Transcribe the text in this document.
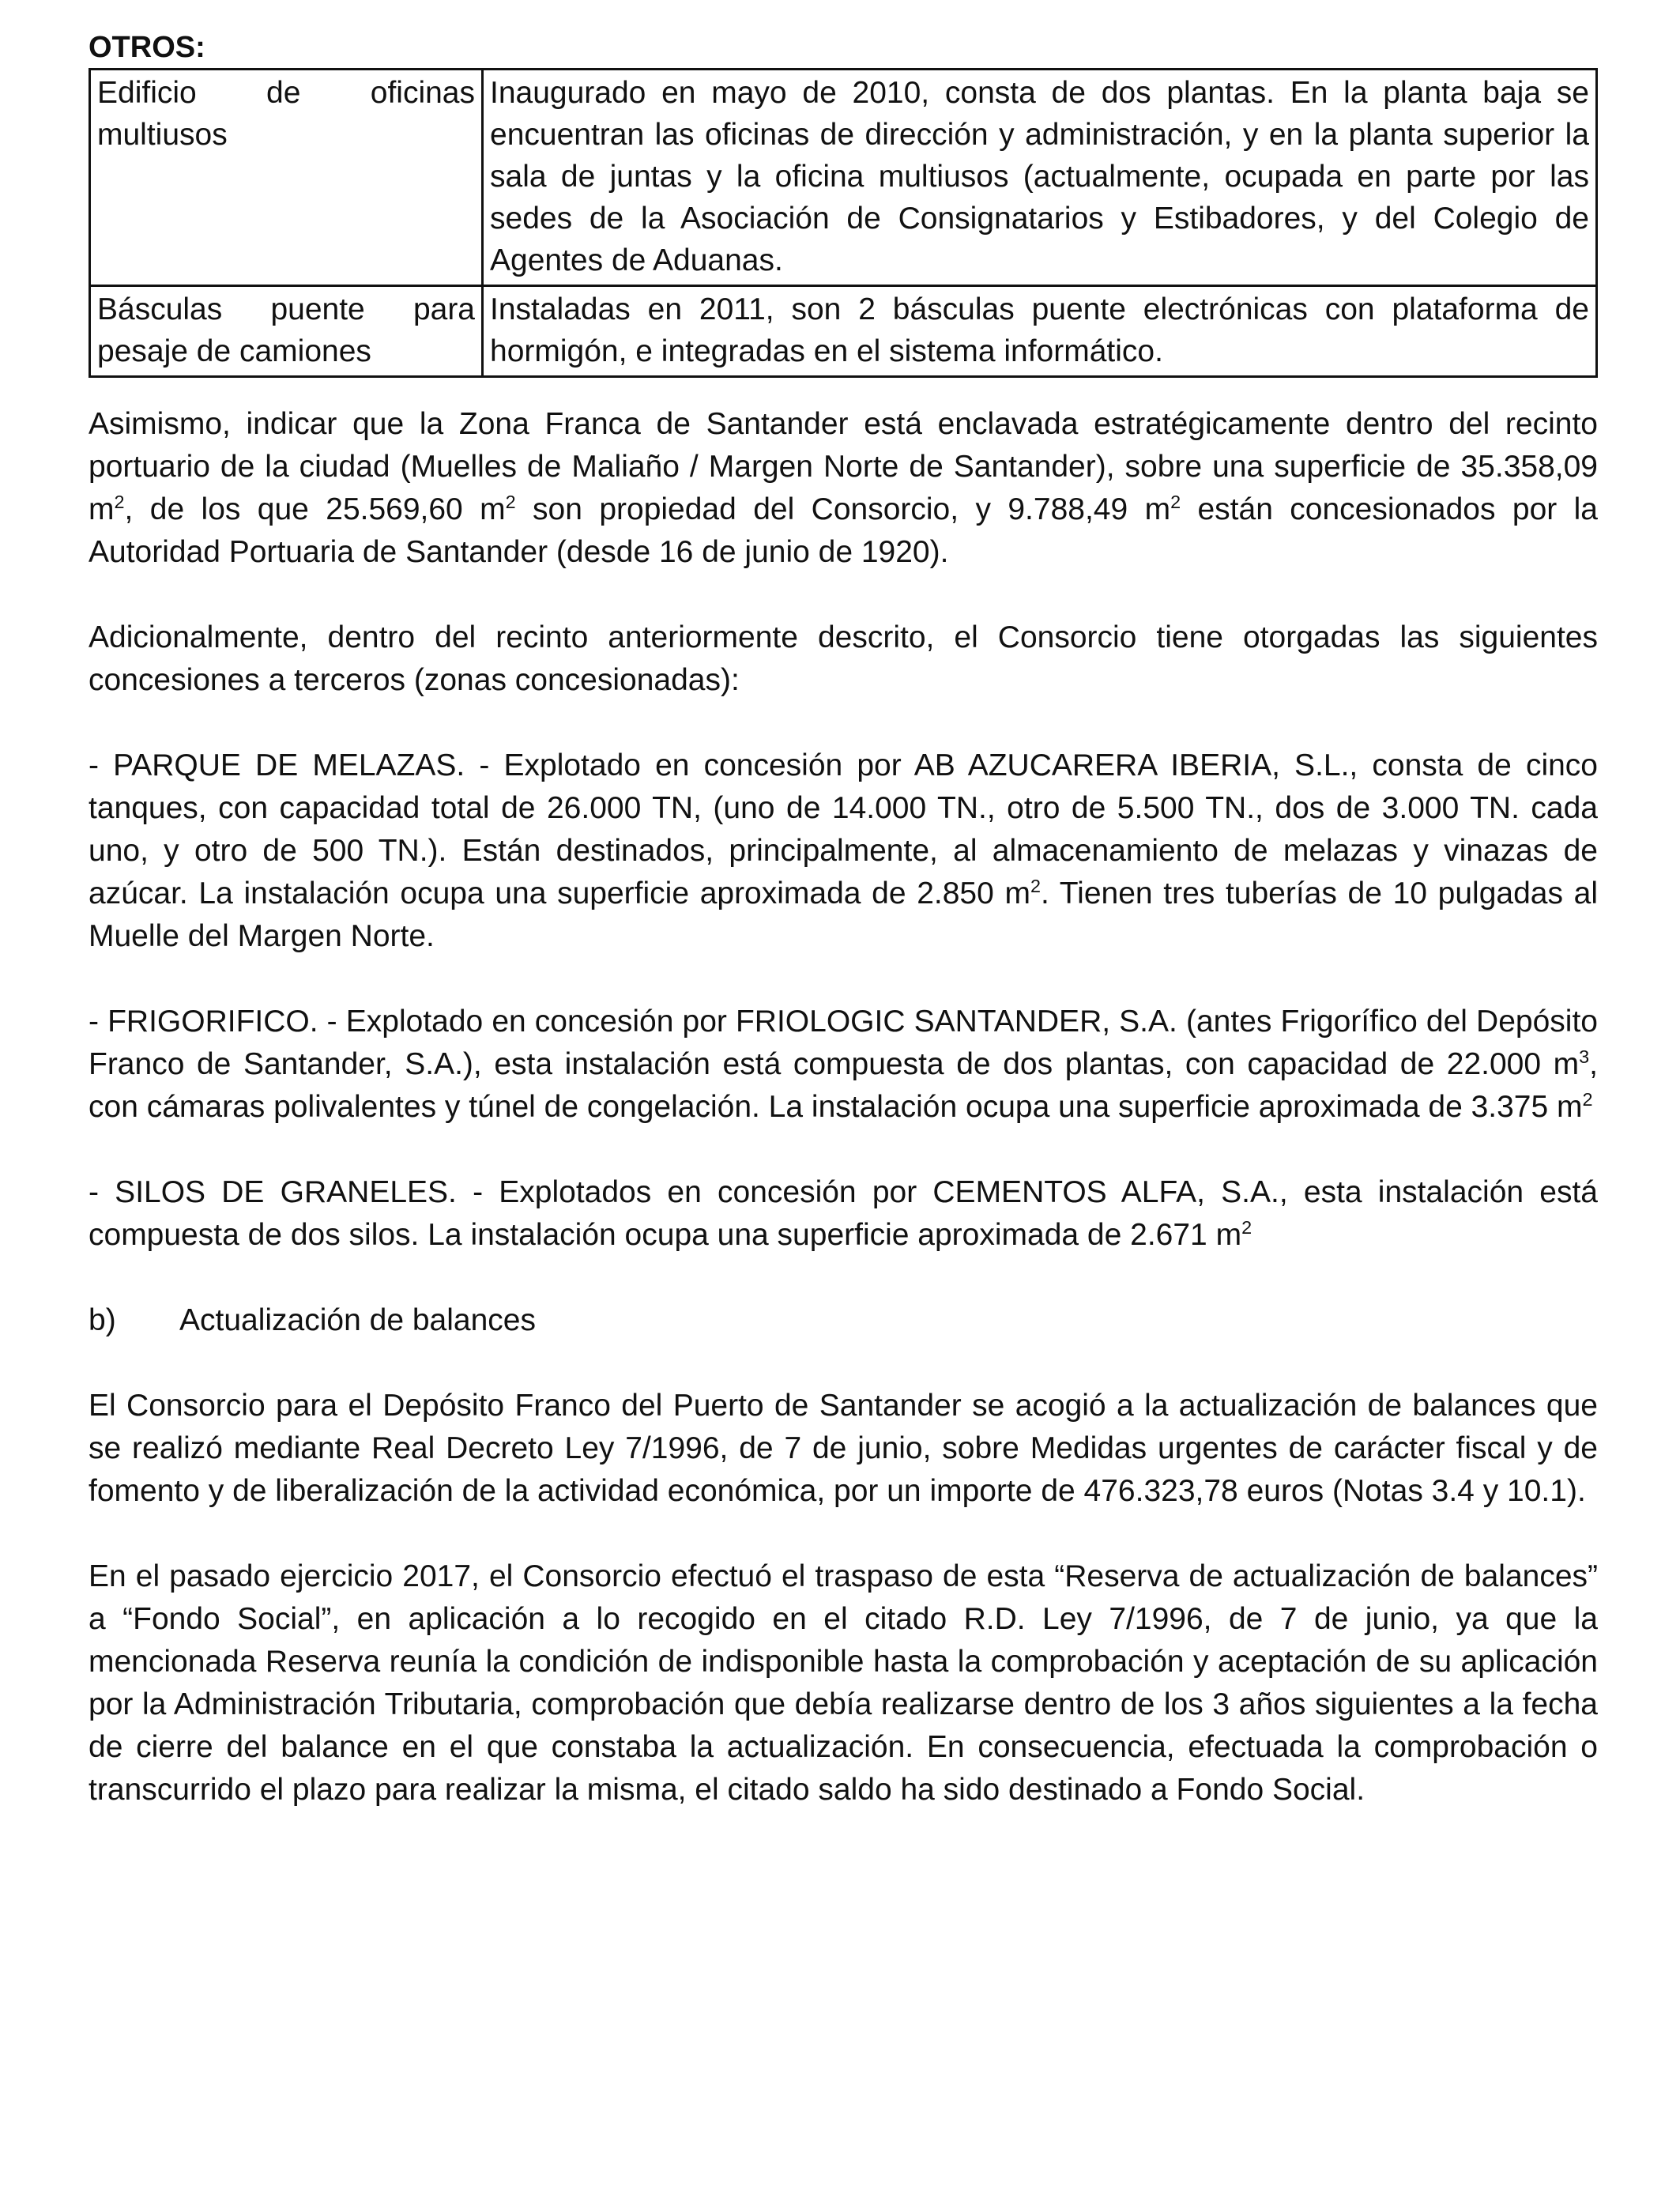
OTROS:
Edificio de oficinas multiusos	Inaugurado en mayo de 2010, consta de dos plantas. En la planta baja se encuentran las oficinas de dirección y administración, y en la planta superior la sala de juntas y la oficina multiusos (actualmente, ocupada en parte por las sedes de la Asociación de Consignatarios y Estibadores, y del Colegio de Agentes de Aduanas.
Básculas puente para pesaje de camiones	Instaladas en 2011, son 2 básculas puente electrónicas con plataforma de hormigón, e integradas en el sistema informático.

Asimismo, indicar que la Zona Franca de Santander está enclavada estratégicamente dentro del recinto portuario de la ciudad (Muelles de Maliaño / Margen Norte de Santander), sobre una superficie de 35.358,09 $m^2$, de los que 25.569,60 $m^2$ son propiedad del Consorcio, y 9.788,49 $m^2$ están concesionados por la Autoridad Portuaria de Santander (desde 16 de junio de 1920).

Adicionalmente, dentro del recinto anteriormente descrito, el Consorcio tiene otorgadas las siguientes concesiones a terceros (zonas concesionadas):

- PARQUE DE MELAZAS. - Explotado en concesión por AB AZUCARERA IBERIA, S.L., consta de cinco tanques, con capacidad total de 26.000 TN, (uno de 14.000 TN., otro de 5.500 TN., dos de 3.000 TN. cada uno, y otro de 500 TN.). Están destinados, principalmente, al almacenamiento de melazas y vinazas de azúcar. La instalación ocupa una superficie aproximada de 2.850 $m^2$. Tienen tres tuberías de 10 pulgadas al Muelle del Margen Norte.

- FRIGORIFICO. - Explotado en concesión por FRIOLOGIC SANTANDER, S.A. (antes Frigorífico del Depósito Franco de Santander, S.A.), esta instalación está compuesta de dos plantas, con capacidad de 22.000 $m^3$, con cámaras polivalentes y túnel de congelación. La instalación ocupa una superficie aproximada de 3.375 $m^2$

- SILOS DE GRANELES. - Explotados en concesión por CEMENTOS ALFA, S.A., esta instalación está compuesta de dos silos. La instalación ocupa una superficie aproximada de 2.671 $m^2$

b) Actualización de balances

El Consorcio para el Depósito Franco del Puerto de Santander se acogió a la actualización de balances que se realizó mediante Real Decreto Ley 7/1996, de 7 de junio, sobre Medidas urgentes de carácter fiscal y de fomento y de liberalización de la actividad económica, por un importe de 476.323,78 euros (Notas 3.4 y 10.1).

En el pasado ejercicio 2017, el Consorcio efectuó el traspaso de esta “Reserva de actualización de balances” a “Fondo Social”, en aplicación a lo recogido en el citado R.D. Ley 7/1996, de 7 de junio, ya que la mencionada Reserva reunía la condición de indisponible hasta la comprobación y aceptación de su aplicación por la Administración Tributaria, comprobación que debía realizarse dentro de los 3 años siguientes a la fecha de cierre del balance en el que constaba la actualización. En consecuencia, efectuada la comprobación o transcurrido el plazo para realizar la misma, el citado saldo ha sido destinado a Fondo Social.
